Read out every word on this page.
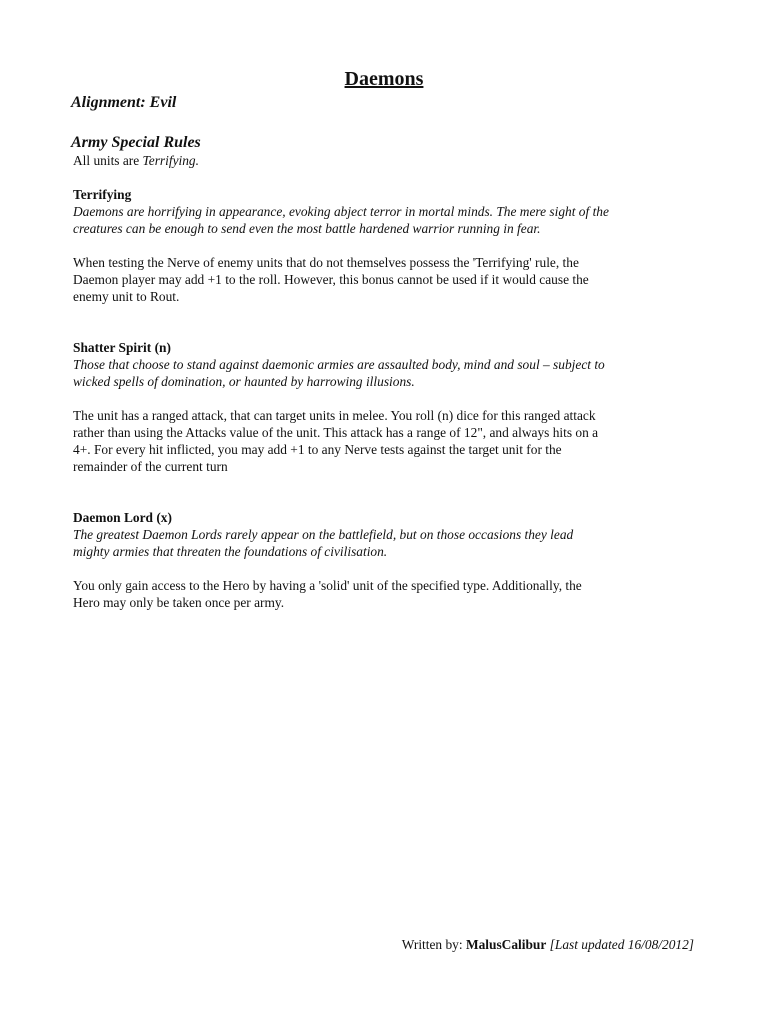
Daemons
Alignment: Evil
Army Special Rules
All units are Terrifying.
Terrifying
Daemons are horrifying in appearance, evoking abject terror in mortal minds. The mere sight of the
creatures can be enough to send even the most battle hardened warrior running in fear.
When testing the Nerve of enemy units that do not themselves possess the 'Terrifying' rule, the
Daemon player may add +1 to the roll. However, this bonus cannot be used if it would cause the
enemy unit to Rout.
Shatter Spirit (n)
Those that choose to stand against daemonic armies are assaulted body, mind and soul – subject to
wicked spells of domination, or haunted by harrowing illusions.
The unit has a ranged attack, that can target units in melee. You roll (n) dice for this ranged attack
rather than using the Attacks value of the unit. This attack has a range of 12", and always hits on a
4+. For every hit inflicted, you may add +1 to any Nerve tests against the target unit for the
remainder of the current turn
Daemon Lord (x)
The greatest Daemon Lords rarely appear on the battlefield, but on those occasions they lead
mighty armies that threaten the foundations of civilisation.
You only gain access to the Hero by having a 'solid' unit of the specified type. Additionally, the
Hero may only be taken once per army.
Written by: MalusCalibur [Last updated 16/08/2012]
